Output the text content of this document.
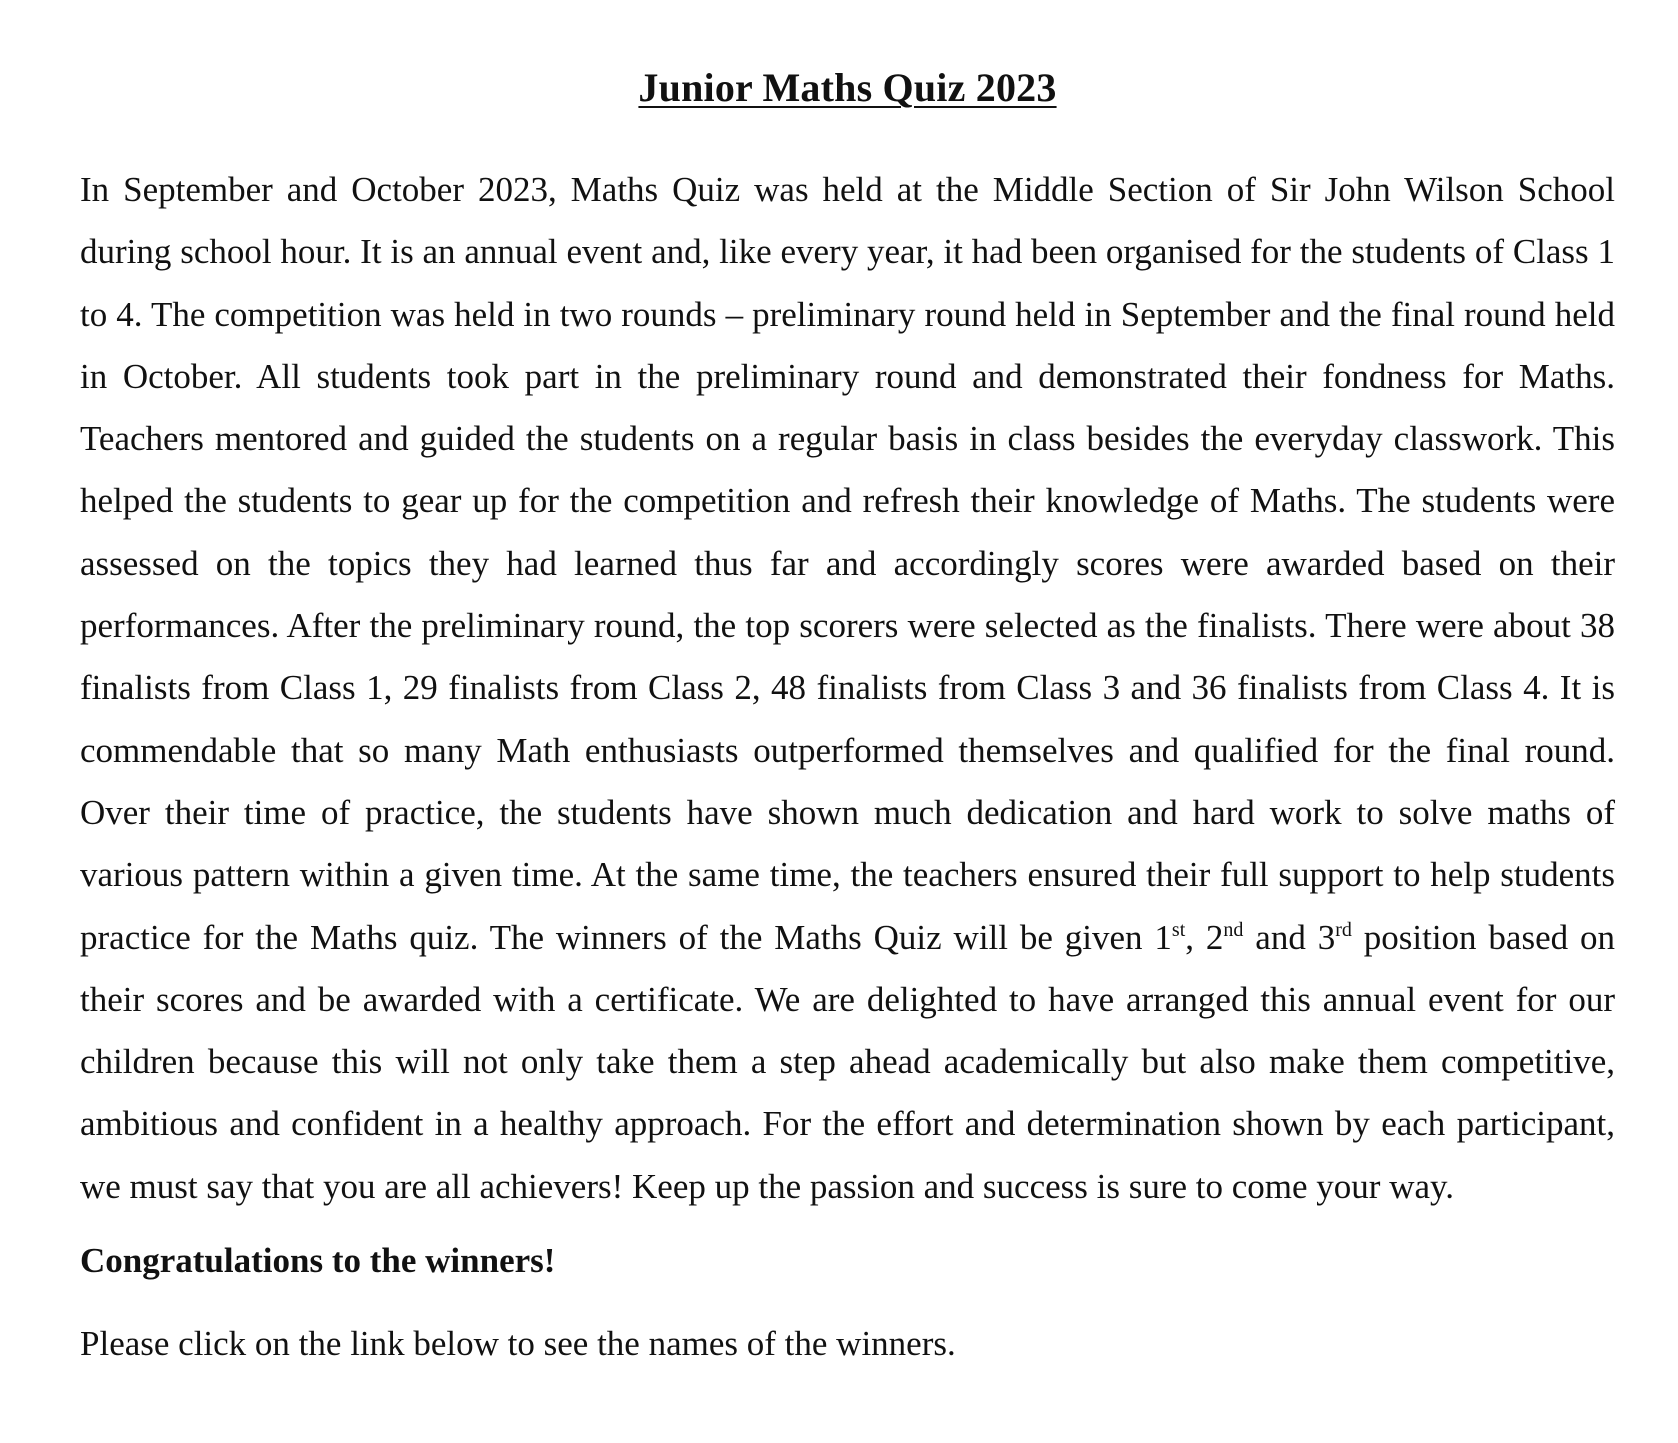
Junior Maths Quiz 2023

In September and October 2023, Maths Quiz was held at the Middle Section of Sir John Wilson School during school hour. It is an annual event and, like every year, it had been organised for the students of Class 1 to 4. The competition was held in two rounds – preliminary round held in September and the final round held in October. All students took part in the preliminary round and demonstrated their fondness for Maths. Teachers mentored and guided the students on a regular basis in class besides the everyday classwork. This helped the students to gear up for the competition and refresh their knowledge of Maths. The students were assessed on the topics they had learned thus far and accordingly scores were awarded based on their performances. After the preliminary round, the top scorers were selected as the finalists. There were about 38 finalists from Class 1, 29 finalists from Class 2, 48 finalists from Class 3 and 36 finalists from Class 4. It is commendable that so many Math enthusiasts outperformed themselves and qualified for the final round. Over their time of practice, the students have shown much dedication and hard work to solve maths of various pattern within a given time. At the same time, the teachers ensured their full support to help students practice for the Maths quiz. The winners of the Maths Quiz will be given 1st, 2nd and 3rd position based on their scores and be awarded with a certificate. We are delighted to have arranged this annual event for our children because this will not only take them a step ahead academically but also make them competitive, ambitious and confident in a healthy approach. For the effort and determination shown by each participant, we must say that you are all achievers! Keep up the passion and success is sure to come your way.

Congratulations to the winners!

Please click on the link below to see the names of the winners.
